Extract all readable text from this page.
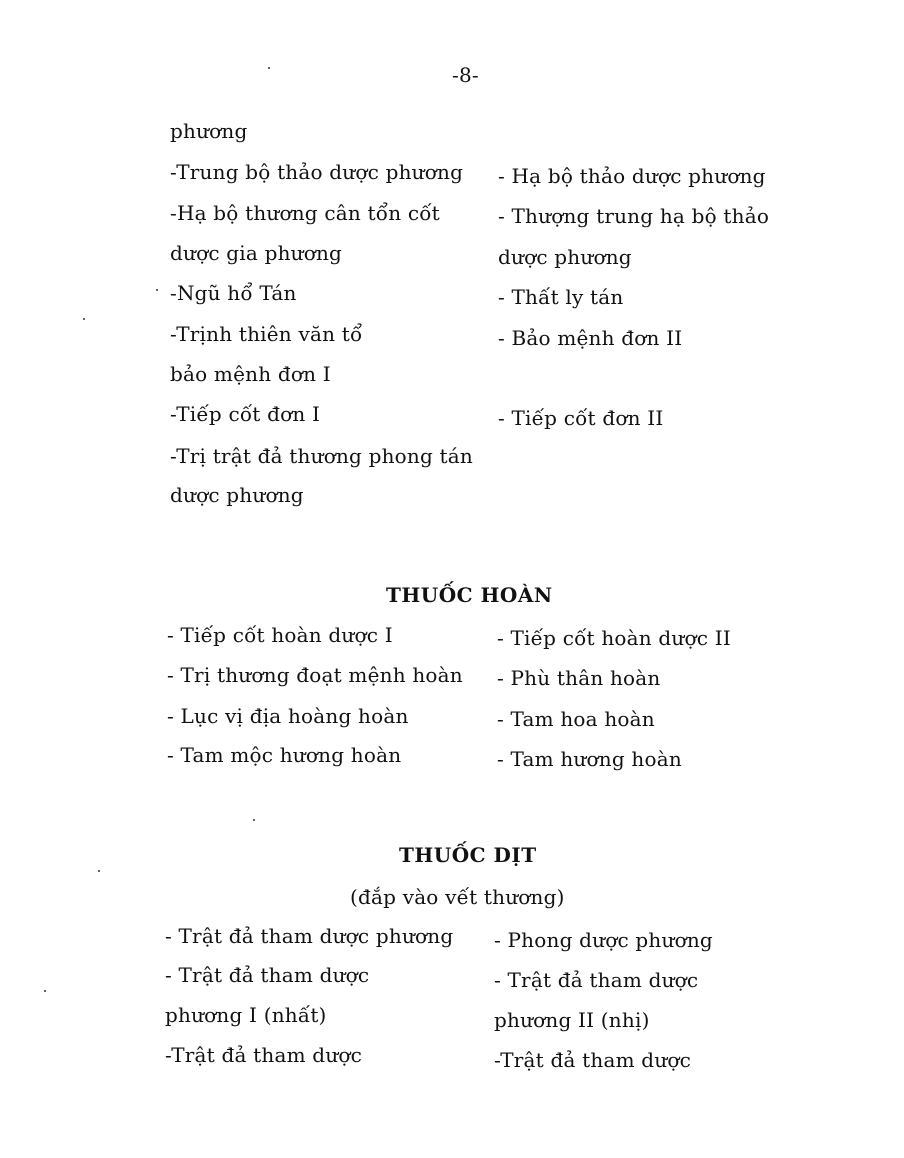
-8-
phương
-Trung bộ thảo dược phương
-Hạ bộ thương cân tổn cốt
dược gia phương
-Ngũ hổ Tán
-Trịnh thiên văn tổ
bảo mệnh đơn I
-Tiếp cốt đơn I
-Trị trật đả thương phong tán
dược phương
- Hạ bộ thảo dược phương
- Thượng trung hạ bộ thảo
dược phương
- Thất ly tán
- Bảo mệnh đơn II
- Tiếp cốt đơn II
THUỐC HOÀN
- Tiếp cốt hoàn dược I
- Trị thương đoạt mệnh hoàn
- Lục vị địa hoàng hoàn
- Tam mộc hương hoàn
- Tiếp cốt hoàn dược II
- Phù thân hoàn
- Tam hoa hoàn
- Tam hương hoàn
THUỐC DỊT
(đắp vào vết thương)
- Trật đả tham dược phương
- Trật đả tham dược
phương I (nhất)
-Trật đả tham dược
- Phong dược phương
- Trật đả tham dược
phương II (nhị)
-Trật đả tham dược
